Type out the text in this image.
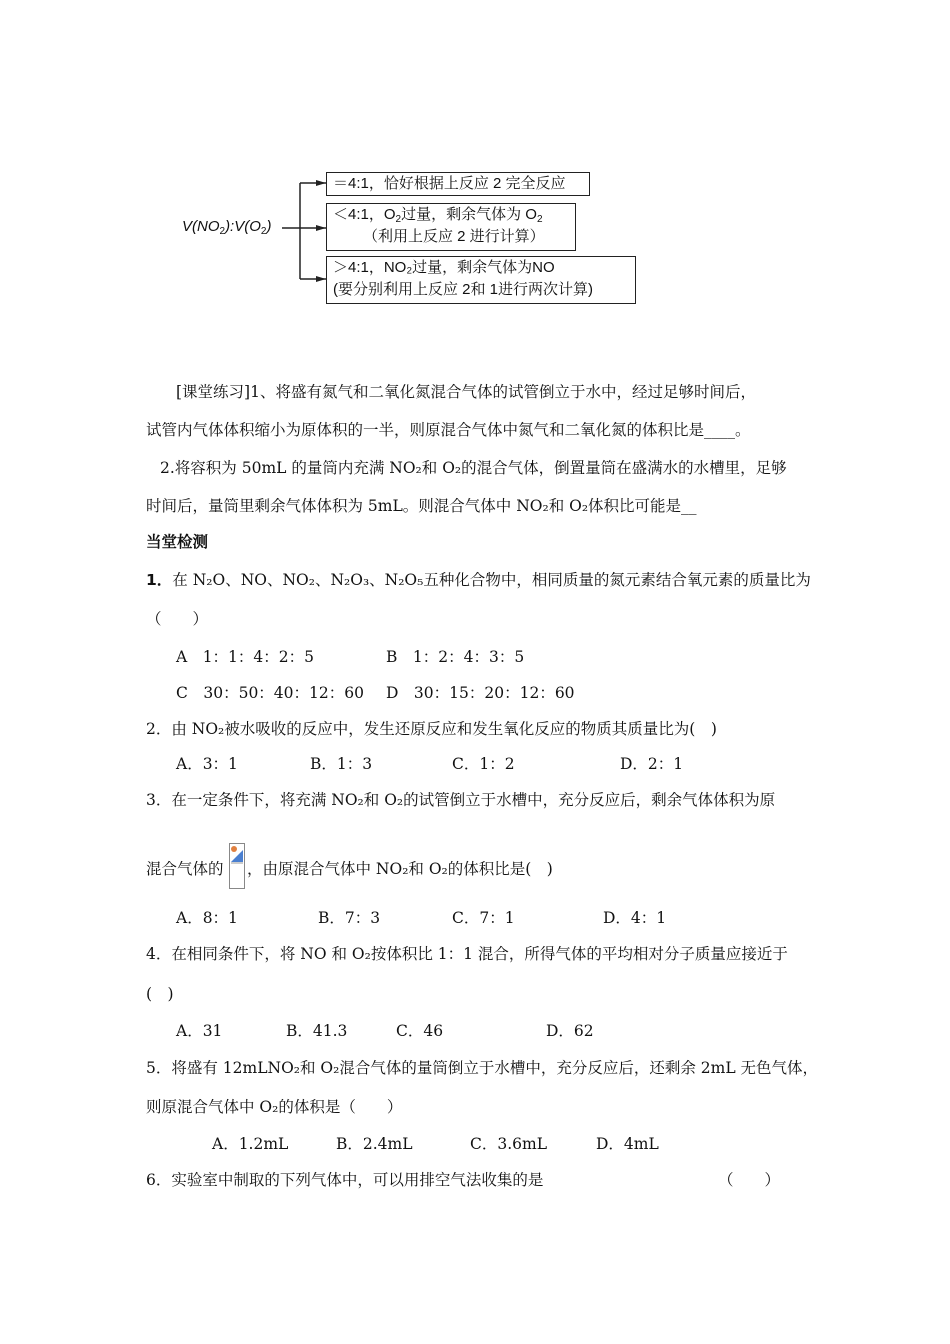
$V(NO_2):V(O_2)$
＝4:1，恰好根据上反应 2 完全反应
＜4:1，$O_2$过量，剩余气体为 $O_2$
（利用上反应 2 进行计算）
＞4:1，NO₂过量，剩余气体为NO
(要分别利用上反应 2和 1进行两次计算)
[课堂练习]1、将盛有氮气和二氧化氮混合气体的试管倒立于水中，经过足够时间后，
试管内气体体积缩小为原体积的一半，则原混合气体中氮气和二氧化氮的体积比是____。
2.将容积为 50mL 的量筒内充满 NO₂和 O₂的混合气体，倒置量筒在盛满水的水槽里，足够
时间后，量筒里剩余气体体积为 5mL。则混合气体中 NO₂和 O₂体积比可能是__
当堂检测
1．在 N₂O、NO、NO₂、N₂O₃、N₂O₅五种化合物中，相同质量的氮元素结合氧元素的质量比为
（　　）
A　1：1：4：2：5	B　1：2：4：3：5
C　30：50：40：12：60 D　30：15：20：12：60
2．由 NO₂被水吸收的反应中，发生还原反应和发生氧化反应的物质其质量比为(　)
A．3：1	B．1：3	C．1：2	D．2：1
3．在一定条件下，将充满 NO₂和 O₂的试管倒立于水槽中，充分反应后，剩余气体体积为原
混合气体的 ，由原混合气体中 NO₂和 O₂的体积比是(　)
A．8：1	B．7：3	C．7：1	D．4：1
4．在相同条件下，将 NO 和 O₂按体积比 1：1 混合，所得气体的平均相对分子质量应接近于
(　)
A．31	B．41.3	C．46	D．62
5．将盛有 12mLNO₂和 O₂混合气体的量筒倒立于水槽中，充分反应后，还剩余 2mL 无色气体，
则原混合气体中 O₂的体积是（　　）
A．1.2mL	B．2.4mL	C．3.6mL	D．4mL
6．实验室中制取的下列气体中，可以用排空气法收集的是	（　　）
